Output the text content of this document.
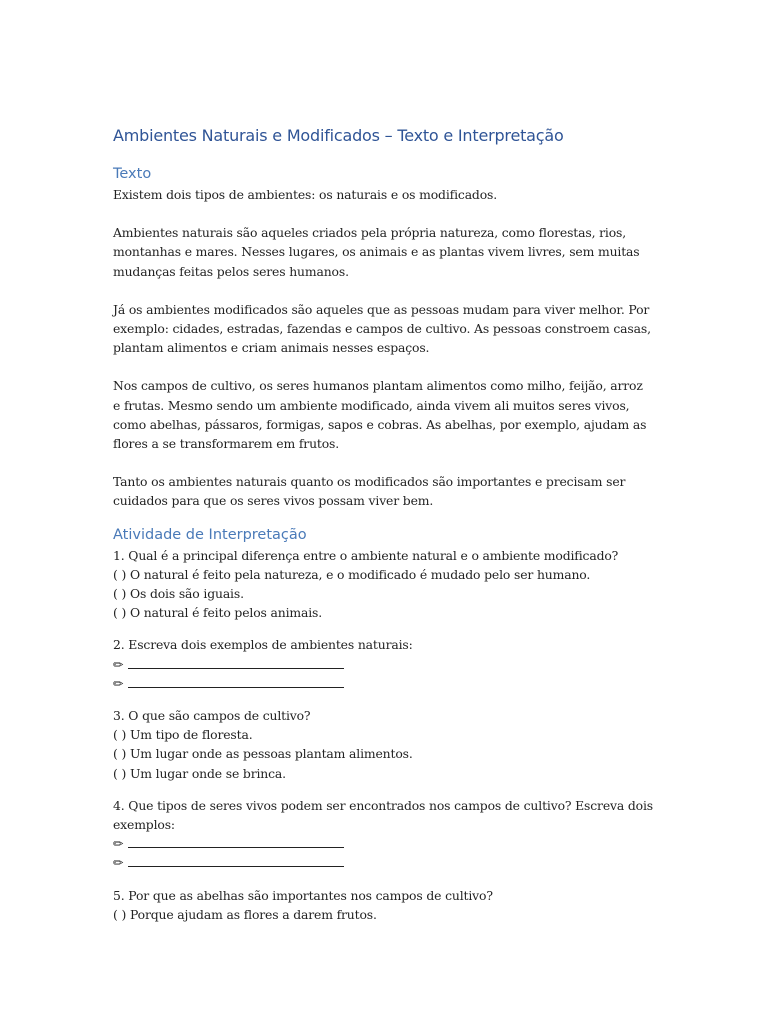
Ambientes Naturais e Modificados – Texto e Interpretação
Texto

Existem dois tipos de ambientes: os naturais e os modificados.

Ambientes naturais são aqueles criados pela própria natureza, como florestas, rios, montanhas e mares. Nesses lugares, os animais e as plantas vivem livres, sem muitas mudanças feitas pelos seres humanos.

Já os ambientes modificados são aqueles que as pessoas mudam para viver melhor. Por exemplo: cidades, estradas, fazendas e campos de cultivo. As pessoas constroem casas, plantam alimentos e criam animais nesses espaços.

Nos campos de cultivo, os seres humanos plantam alimentos como milho, feijão, arroz e frutas. Mesmo sendo um ambiente modificado, ainda vivem ali muitos seres vivos, como abelhas, pássaros, formigas, sapos e cobras. As abelhas, por exemplo, ajudam as flores a se transformarem em frutos.

Tanto os ambientes naturais quanto os modificados são importantes e precisam ser cuidados para que os seres vivos possam viver bem.

Atividade de Interpretação

1. Qual é a principal diferença entre o ambiente natural e o ambiente modificado?

( ) O natural é feito pela natureza, e o modificado é mudado pelo ser humano.
( ) Os dois são iguais.
( ) O natural é feito pelos animais.

2. Escreva dois exemplos de ambientes naturais:

✏
✏

3. O que são campos de cultivo?

( ) Um tipo de floresta.
( ) Um lugar onde as pessoas plantam alimentos.
( ) Um lugar onde se brinca.

4. Que tipos de seres vivos podem ser encontrados nos campos de cultivo? Escreva dois exemplos:

✏
✏

5. Por que as abelhas são importantes nos campos de cultivo?

( ) Porque ajudam as flores a darem frutos.
